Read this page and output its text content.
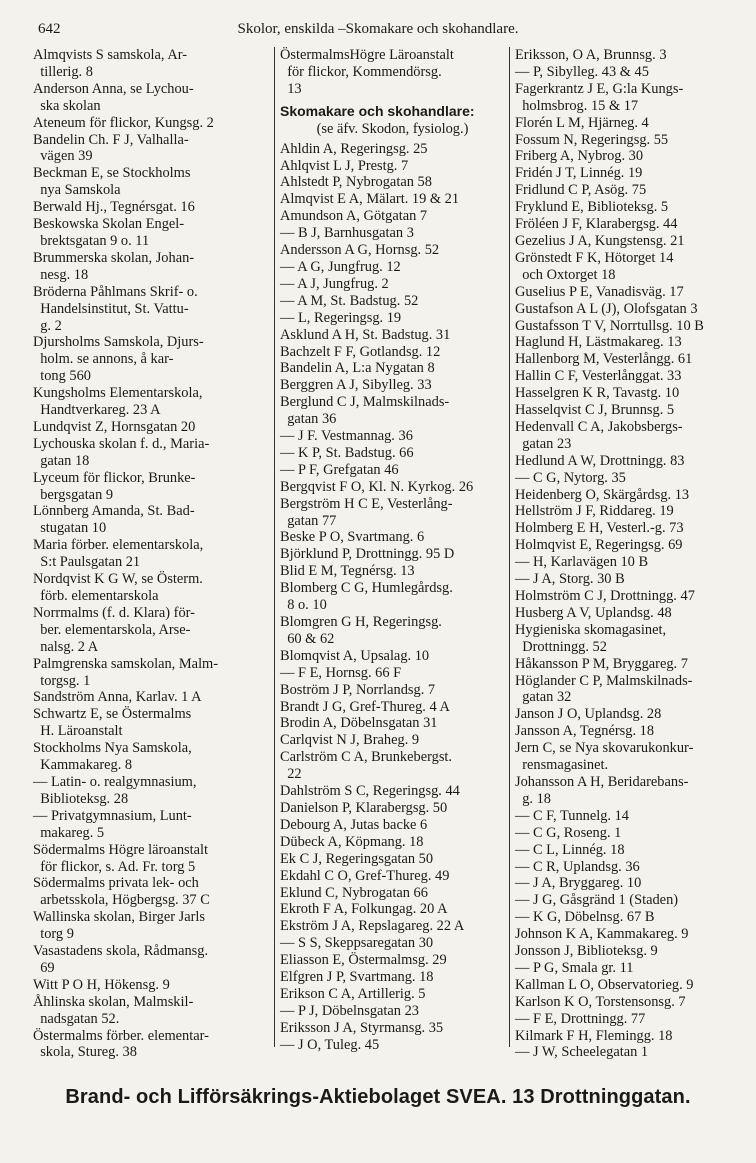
642	Skolor, enskilda –Skomakare och skohandlare.
Almqvists S samskola, Ar-
tillerig. 8
Anderson Anna, se Lychou-
ska skolan
Ateneum för flickor, Kungsg. 2
Bandelin Ch. F J, Valhalla-
vägen 39
Beckman E, se Stockholms
nya Samskola
Berwald Hj., Tegnérsgat. 16
Beskowska Skolan Engel-
brektsgatan 9 o. 11
Brummerska skolan, Johan-
nesg. 18
Bröderna Påhlmans Skrif- o.
Handelsinstitut, St. Vattu-
g. 2
Djursholms Samskola, Djurs-
holm. se annons, å kar-
tong 560
Kungsholms Elementarskola,
Handtverkareg. 23 A
Lundqvist Z, Hornsgatan 20
Lychouska skolan f. d., Maria-
gatan 18
Lyceum för flickor, Brunke-
bergsgatan 9
Lönnberg Amanda, St. Bad-
stugatan 10
Maria förber. elementarskola,
S:t Paulsgatan 21
Nordqvist K G W, se Österm.
förb. elementarskola
Norrmalms (f. d. Klara) för-
ber. elementarskola, Arse-
nalsg. 2 A
Palmgrenska samskolan, Malm-
torgsg. 1
Sandström Anna, Karlav. 1 A
Schwartz E, se Östermalms
H. Läroanstalt
Stockholms Nya Samskola,
Kammakareg. 8
— Latin- o. realgymnasium,
Biblioteksg. 28
— Privatgymnasium, Lunt-
makareg. 5
Södermalms Högre läroanstalt
för flickor, s. Ad. Fr. torg 5
Södermalms privata lek- och
arbetsskola, Högbergsg. 37 C
Wallinska skolan, Birger Jarls
torg 9
Vasastadens skola, Rådmansg.
69
Witt P O H, Hökensg. 9
Åhlinska skolan, Malmskil-
nadsgatan 52.
Östermalms förber. elementar-
skola, Stureg. 38
ÖstermalmsHögre Läroanstalt
för flickor, Kommendörsg.
13
Skomakare och skohandlare:
(se äfv. Skodon, fysiolog.)
Ahldin A, Regeringsg. 25
Ahlqvist L J, Prestg. 7
Ahlstedt P, Nybrogatan 58
Almqvist E A, Mälart. 19 & 21
Amundson A, Götgatan 7
— B J, Barnhusgatan 3
Andersson A G, Hornsg. 52
— A G, Jungfrug. 12
— A J, Jungfrug. 2
— A M, St. Badstug. 52
— L, Regeringsg. 19
Asklund A H, St. Badstug. 31
Bachzelt F F, Gotlandsg. 12
Bandelin A, L:a Nygatan 8
Berggren A J, Sibylleg. 33
Berglund C J, Malmskilnads-
gatan 36
— J F. Vestmannag. 36
— K P, St. Badstug. 66
— P F, Grefgatan 46
Bergqvist F O, Kl. N. Kyrkog. 26
Bergström H C E, Vesterlång-
gatan 77
Beske P O, Svartmang. 6
Björklund P, Drottningg. 95 D
Blid E M, Tegnérsg. 13
Blomberg C G, Humlegårdsg.
8 o. 10
Blomgren G H, Regeringsg.
60 & 62
Blomqvist A, Upsalag. 10
— F E, Hornsg. 66 F
Boström J P, Norrlandsg. 7
Brandt J G, Gref-Thureg. 4 A
Brodin A, Döbelnsgatan 31
Carlqvist N J, Braheg. 9
Carlström C A, Brunkebergst.
22
Dahlström S C, Regeringsg. 44
Danielson P, Klarabergsg. 50
Debourg A, Jutas backe 6
Dübeck A, Köpmang. 18
Ek C J, Regeringsgatan 50
Ekdahl C O, Gref-Thureg. 49
Eklund C, Nybrogatan 66
Ekroth F A, Folkungag. 20 A
Ekström J A, Repslagareg. 22 A
— S S, Skeppsaregatan 30
Eliasson E, Östermalmsg. 29
Elfgren J P, Svartmang. 18
Erikson C A, Artillerig. 5
— P J, Döbelnsgatan 23
Eriksson J A, Styrmansg. 35
— J O, Tuleg. 45
Eriksson, O A, Brunnsg. 3
— P, Sibylleg. 43 & 45
Fagerkrantz J E, G:la Kungs-
holmsbrog. 15 & 17
Florén L M, Hjärneg. 4
Fossum N, Regeringsg. 55
Friberg A, Nybrog. 30
Fridén J T, Linnég. 19
Fridlund C P, Asög. 75
Fryklund E, Biblioteksg. 5
Fröléen J F, Klarabergsg. 44
Gezelius J A, Kungstensg. 21
Grönstedt F K, Hötorget 14
och Oxtorget 18
Guselius P E, Vanadisväg. 17
Gustafson A L (J), Olofsgatan 3
Gustafsson T V, Norrtullsg. 10 B
Haglund H, Lästmakareg. 13
Hallenborg M, Vesterlångg. 61
Hallin C F, Vesterlånggat. 33
Hasselgren K R, Tavastg. 10
Hasselqvist C J, Brunnsg. 5
Hedenvall C A, Jakobsbergs-
gatan 23
Hedlund A W, Drottningg. 83
— C G, Nytorg. 35
Heidenberg O, Skärgårdsg. 13
Hellström J F, Riddareg. 19
Holmberg E H, Vesterl.-g. 73
Holmqvist E, Regeringsg. 69
— H, Karlavägen 10 B
— J A, Storg. 30 B
Holmström C J, Drottningg. 47
Husberg A V, Uplandsg. 48
Hygieniska skomagasinet,
Drottningg. 52
Håkansson P M, Bryggareg. 7
Höglander C P, Malmskilnads-
gatan 32
Janson J O, Uplandsg. 28
Jansson A, Tegnérsg. 18
Jern C, se Nya skovarukonkur-
rensmagasinet.
Johansson A H, Beridarebans-
g. 18
— C F, Tunnelg. 14
— C G, Roseng. 1
— C L, Linnég. 18
— C R, Uplandsg. 36
— J A, Bryggareg. 10
— J G, Gåsgränd 1 (Staden)
— K G, Döbelnsg. 67 B
Johnson K A, Kammakareg. 9
Jonsson J, Biblioteksg. 9
— P G, Smala gr. 11
Kallman L O, Observatorieg. 9
Karlson K O, Torstensonsg. 7
— F E, Drottningg. 77
Kilmark F H, Flemingg. 18
— J W, Scheelegatan 1
Brand- och Lifförsäkrings-Aktiebolaget SVEA. 13 Drottninggatan.
